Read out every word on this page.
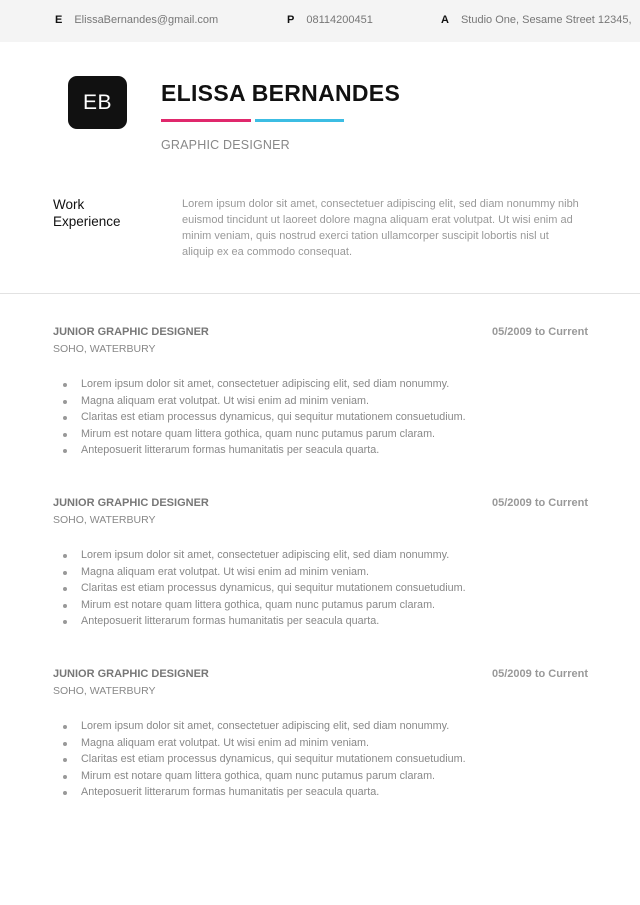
E ElissaBernandes@gmail.com	P 08114200451	A Studio One, Sesame Street 12345,
EB	ELISSA BERNANDES
GRAPHIC DESIGNER
Work
Experience
Lorem ipsum dolor sit amet, consectetuer adipiscing elit, sed diam nonummy nibh euismod tincidunt ut laoreet dolore magna aliquam erat volutpat. Ut wisi enim ad minim veniam, quis nostrud exerci tation ullamcorper suscipit lobortis nisl ut aliquip ex ea commodo consequat.
JUNIOR GRAPHIC DESIGNER	05/2009 to Current
SOHO, WATERBURY
Lorem ipsum dolor sit amet, consectetuer adipiscing elit, sed diam nonummy.
Magna aliquam erat volutpat. Ut wisi enim ad minim veniam.
Claritas est etiam processus dynamicus, qui sequitur mutationem consuetudium.
Mirum est notare quam littera gothica, quam nunc putamus parum claram.
Anteposuerit litterarum formas humanitatis per seacula quarta.
JUNIOR GRAPHIC DESIGNER	05/2009 to Current
SOHO, WATERBURY
Lorem ipsum dolor sit amet, consectetuer adipiscing elit, sed diam nonummy.
Magna aliquam erat volutpat. Ut wisi enim ad minim veniam.
Claritas est etiam processus dynamicus, qui sequitur mutationem consuetudium.
Mirum est notare quam littera gothica, quam nunc putamus parum claram.
Anteposuerit litterarum formas humanitatis per seacula quarta.
JUNIOR GRAPHIC DESIGNER	05/2009 to Current
SOHO, WATERBURY
Lorem ipsum dolor sit amet, consectetuer adipiscing elit, sed diam nonummy.
Magna aliquam erat volutpat. Ut wisi enim ad minim veniam.
Claritas est etiam processus dynamicus, qui sequitur mutationem consuetudium.
Mirum est notare quam littera gothica, quam nunc putamus parum claram.
Anteposuerit litterarum formas humanitatis per seacula quarta.
